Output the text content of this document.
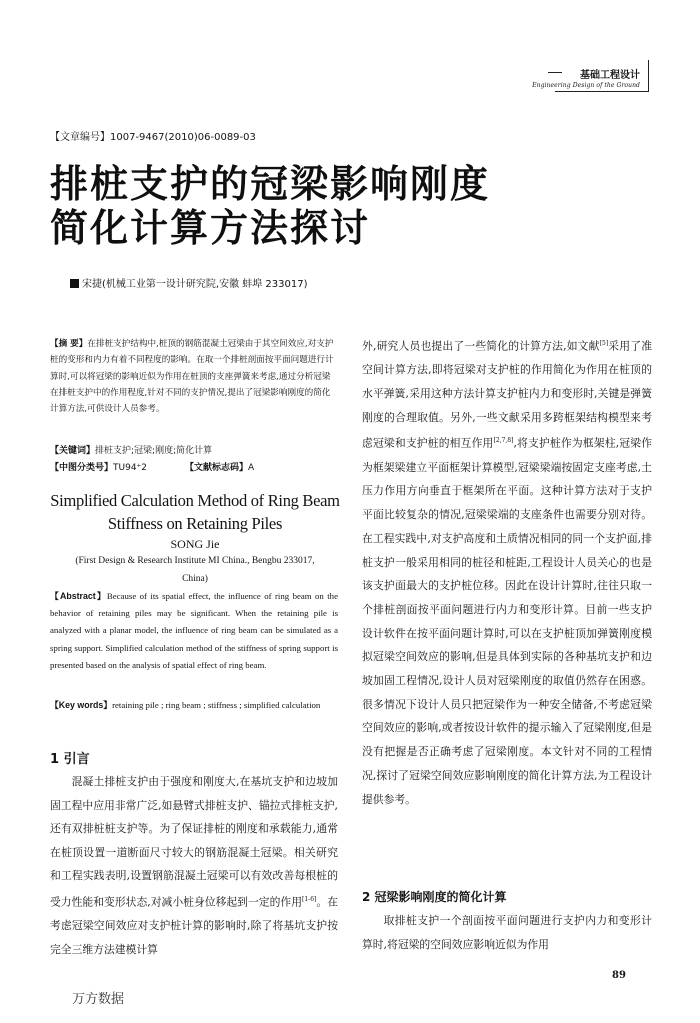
基础工程设计
Engineering Design of the Ground
【文章编号】1007-9467(2010)06-0089-03
排桩支护的冠梁影响刚度
简化计算方法探讨
宋捷(机械工业第一设计研究院,安徽 蚌埠 233017)
【摘 要】在排桩支护结构中,桩顶的钢筋混凝土冠梁由于其空间效应,对支护桩的变形和内力有着不同程度的影响。在取一个排桩剖面按平面问题进行计算时,可以将冠梁的影响近似为作用在桩顶的支座弹簧来考虑,通过分析冠梁在排桩支护中的作用程度,针对不同的支护情况,提出了冠梁影响刚度的简化计算方法,可供设计人员参考。
【关键词】排桩支护;冠梁;刚度;简化计算
【中图分类号】TU94⁺2	【文献标志码】A
Simplified Calculation Method of Ring Beam
Stiffness on Retaining Piles
SONG Jie
(First Design & Research Institute MI China., Bengbu 233017,
China)
【Abstract】Because of its spatial effect, the influence of ring beam on the behavior of retaining piles may be significant. When the retaining pile is analyzed with a planar model, the influence of ring beam can be simulated as a spring support. Simplified calculation method of the stiffness of spring support is presented based on the analysis of spatial effect of ring beam.
【Key words】retaining pile ; ring beam ; stiffness ; simplified calculation
1 引言

混凝土排桩支护由于强度和刚度大,在基坑支护和边坡加固工程中应用非常广泛,如悬臂式排桩支护、锚拉式排桩支护,还有双排桩桩支护等。为了保证排桩的刚度和承载能力,通常在桩顶设置一道断面尺寸较大的钢筋混凝土冠梁。相关研究和工程实践表明,设置钢筋混凝土冠梁可以有效改善每根桩的受力性能和变形状态,对减小桩身位移起到一定的作用[1-6]。在考虑冠梁空间效应对支护桩计算的影响时,除了将基坑支护按完全三维方法建模计算

外,研究人员也提出了一些简化的计算方法,如文献[5]采用了准空间计算方法,即将冠梁对支护桩的作用简化为作用在桩顶的水平弹簧,采用这种方法计算支护桩内力和变形时,关键是弹簧刚度的合理取值。另外,一些文献采用多跨框架结构模型来考虑冠梁和支护桩的相互作用[2,7,8],将支护桩作为框架柱,冠梁作为框架梁建立平面框架计算模型,冠梁梁端按固定支座考虑,土压力作用方向垂直于框架所在平面。这种计算方法对于支护平面比较复杂的情况,冠梁梁端的支座条件也需要分别对待。在工程实践中,对支护高度和土质情况相同的同一个支护面,排桩支护一般采用相同的桩径和桩距,工程设计人员关心的也是该支护面最大的支护桩位移。因此在设计计算时,往往只取一个排桩剖面按平面问题进行内力和变形计算。目前一些支护设计软件在按平面问题计算时,可以在支护桩顶加弹簧刚度模拟冠梁空间效应的影响,但是具体到实际的各种基坑支护和边坡加固工程情况,设计人员对冠梁刚度的取值仍然存在困惑。很多情况下设计人员只把冠梁作为一种安全储备,不考虑冠梁空间效应的影响,或者按设计软件的提示输入了冠梁刚度,但是没有把握是否正确考虑了冠梁刚度。本文针对不同的工程情况,探讨了冠梁空间效应影响刚度的简化计算方法,为工程设计提供参考。

2 冠梁影响刚度的简化计算

取排桩支护一个剖面按平面问题进行支护内力和变形计算时,将冠梁的空间效应影响近似为作用

89
万方数据
